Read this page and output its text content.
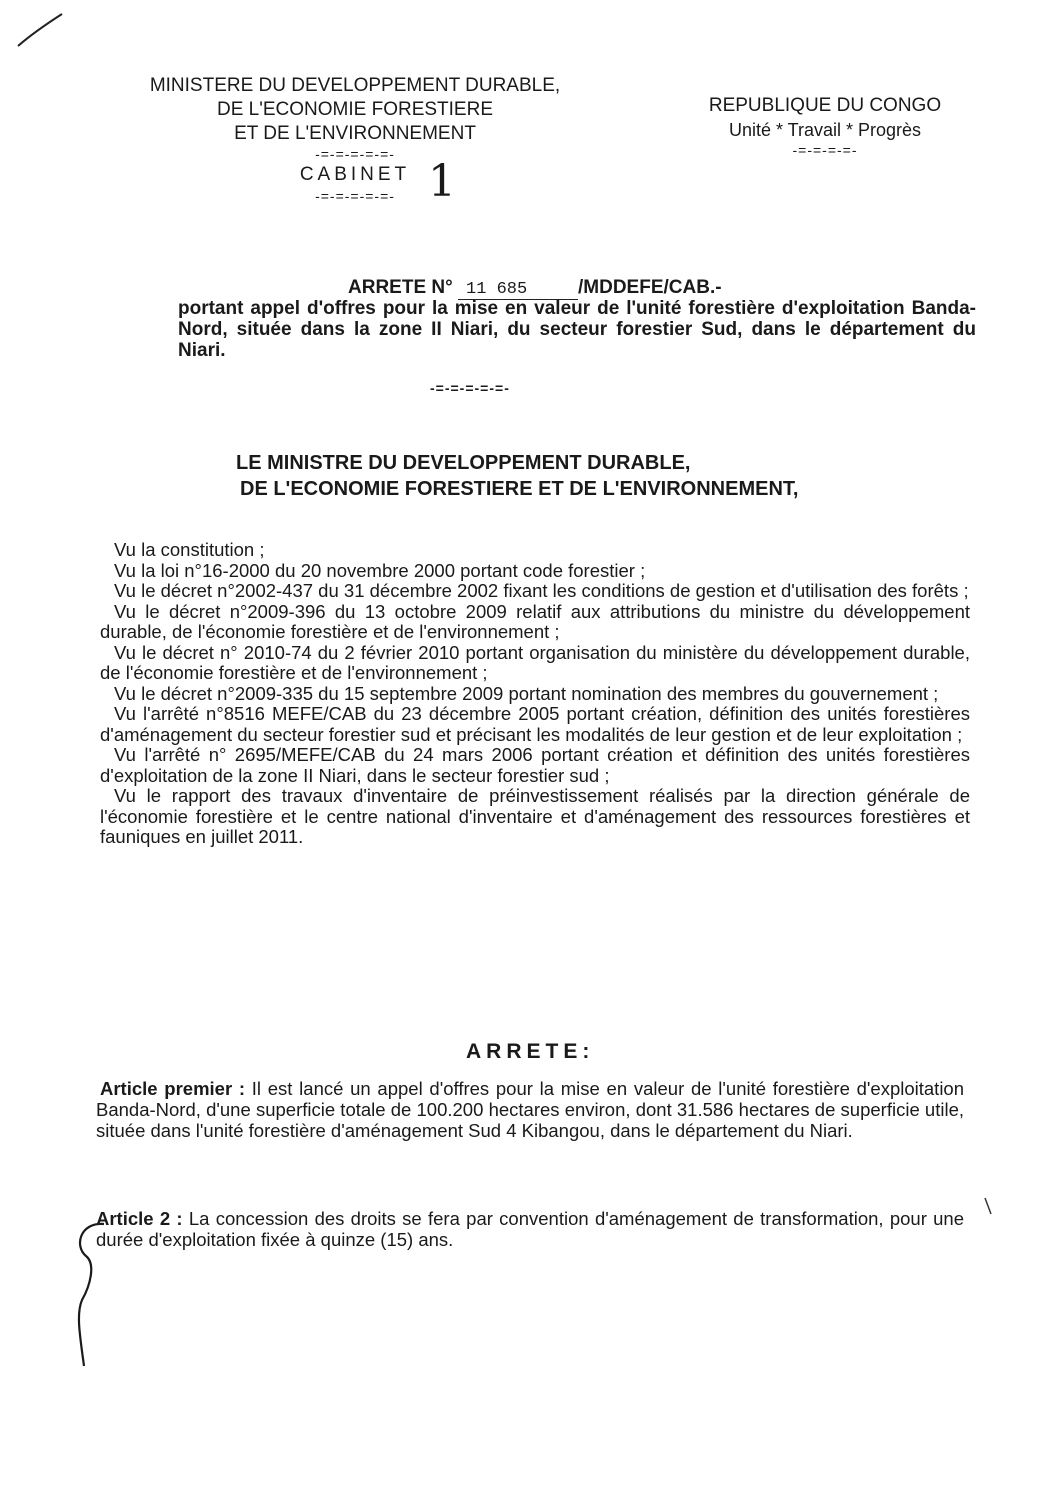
MINISTERE DU DEVELOPPEMENT DURABLE,
DE L'ECONOMIE FORESTIERE
ET DE L'ENVIRONNEMENT
-=-=-=-=-=-
CABINET
-=-=-=-=-=- 1
REPUBLIQUE DU CONGO
Unité * Travail * Progrès
-=-=-=-=-
ARRETE N° 11 685	/MDDEFE/CAB.-
portant appel d'offres pour la mise en valeur de l'unité forestière d'exploitation Banda-Nord, située dans la zone II Niari, du secteur forestier Sud, dans le département du Niari.
-=-=-=-=-=-
LE MINISTRE DU DEVELOPPEMENT DURABLE,
DE L'ECONOMIE FORESTIERE ET DE L'ENVIRONNEMENT,

Vu la constitution ;

Vu la loi n°16-2000 du 20 novembre 2000 portant code forestier ;

Vu le décret n°2002-437 du 31 décembre 2002 fixant les conditions de gestion et d'utilisation des forêts ;

Vu le décret n°2009-396 du 13 octobre 2009 relatif aux attributions du ministre du développement durable, de l'économie forestière et de l'environnement ;

Vu le décret n° 2010-74 du 2 février 2010 portant organisation du ministère du développement durable, de l'économie forestière et de l'environnement ;

Vu le décret n°2009-335 du 15 septembre 2009 portant nomination des membres du gouvernement ;

Vu l'arrêté n°8516 MEFE/CAB du 23 décembre 2005 portant création, définition des unités forestières d'aménagement du secteur forestier sud et précisant les modalités de leur gestion et de leur exploitation ;

Vu l'arrêté n° 2695/MEFE/CAB du 24 mars 2006 portant création et définition des unités forestières d'exploitation de la zone II Niari, dans le secteur forestier sud ;

Vu le rapport des travaux d'inventaire de préinvestissement réalisés par la direction générale de l'économie forestière et le centre national d'inventaire et d'aménagement des ressources forestières et fauniques en juillet 2011.

ARRETE:
Article premier : Il est lancé un appel d'offres pour la mise en valeur de l'unité forestière d'exploitation Banda-Nord, d'une superficie totale de 100.200 hectares environ, dont 31.586 hectares de superficie utile, située dans l'unité forestière d'aménagement Sud 4 Kibangou, dans le département du Niari.
Article 2 : La concession des droits se fera par convention d'aménagement de transformation, pour une durée d'exploitation fixée à quinze (15) ans.
